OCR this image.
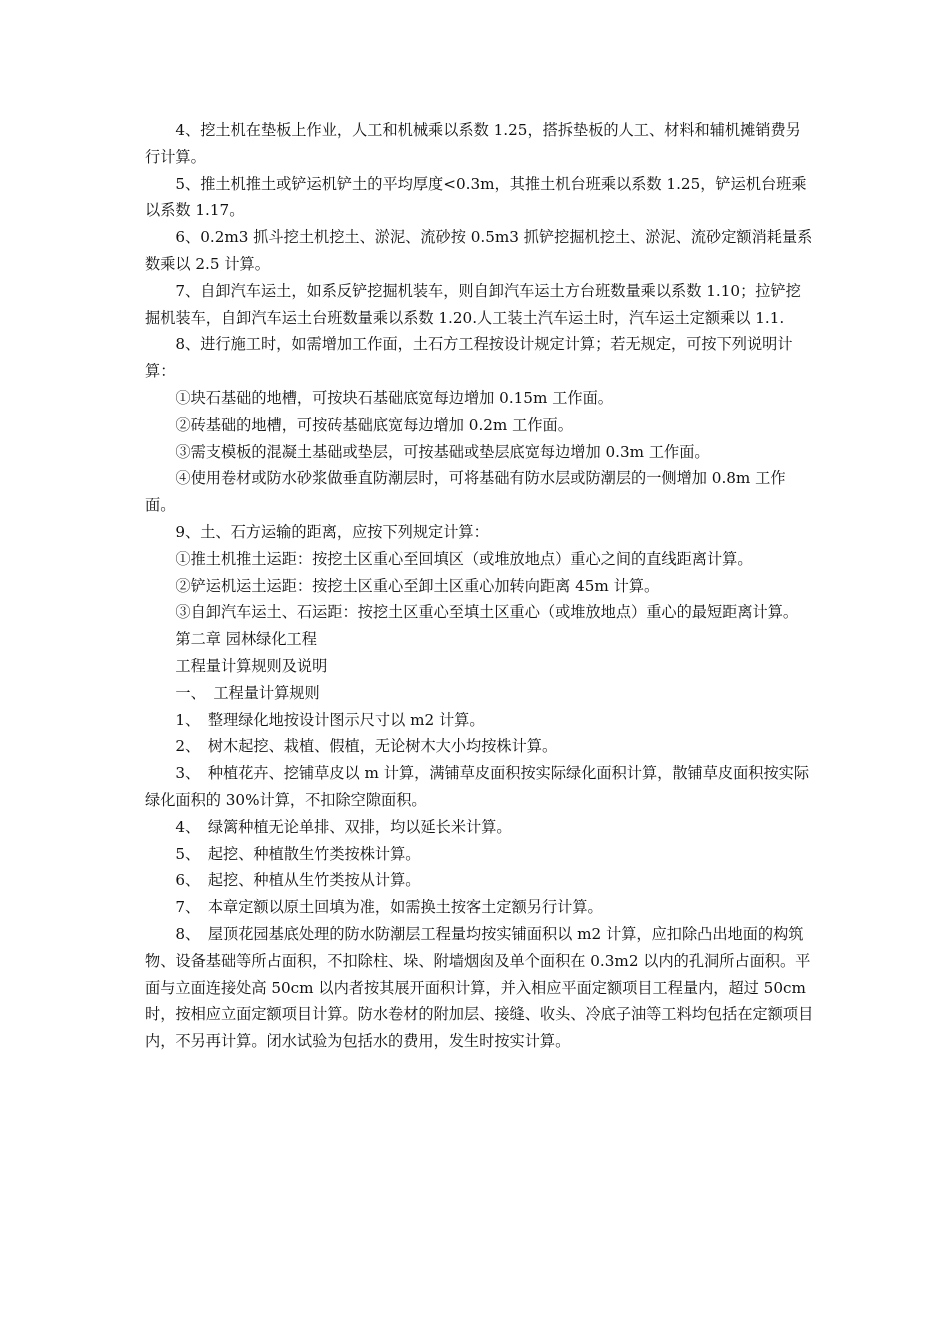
4、挖土机在垫板上作业，人工和机械乘以系数 1.25，搭拆垫板的人工、材料和辅机摊销费另行计算。

5、推土机推土或铲运机铲土的平均厚度<0.3m，其推土机台班乘以系数 1.25，铲运机台班乘以系数 1.17。

6、0.2m3 抓斗挖土机挖土、淤泥、流砂按 0.5m3 抓铲挖掘机挖土、淤泥、流砂定额消耗量系数乘以 2.5 计算。

7、自卸汽车运土，如系反铲挖掘机装车，则自卸汽车运土方台班数量乘以系数 1.10；拉铲挖掘机装车，自卸汽车运土台班数量乘以系数 1.20.人工装土汽车运土时，汽车运土定额乘以 1.1.

8、进行施工时，如需增加工作面，土石方工程按设计规定计算；若无规定，可按下列说明计算：

①块石基础的地槽，可按块石基础底宽每边增加 0.15m 工作面。

②砖基础的地槽，可按砖基础底宽每边增加 0.2m 工作面。

③需支模板的混凝土基础或垫层，可按基础或垫层底宽每边增加 0.3m 工作面。

④使用卷材或防水砂浆做垂直防潮层时，可将基础有防水层或防潮层的一侧增加 0.8m 工作面。

9、土、石方运输的距离，应按下列规定计算：

①推土机推土运距：按挖土区重心至回填区（或堆放地点）重心之间的直线距离计算。

②铲运机运土运距：按挖土区重心至卸土区重心加转向距离 45m 计算。

③自卸汽车运土、石运距：按挖土区重心至填土区重心（或堆放地点）重心的最短距离计算。

第二章 园林绿化工程

工程量计算规则及说明

一、　工程量计算规则

1、　整理绿化地按设计图示尺寸以 m2 计算。

2、　树木起挖、栽植、假植，无论树木大小均按株计算。

3、　种植花卉、挖铺草皮以 m 计算，满铺草皮面积按实际绿化面积计算，散铺草皮面积按实际绿化面积的 30%计算，不扣除空隙面积。

4、　绿篱种植无论单排、双排，均以延长米计算。

5、　起挖、种植散生竹类按株计算。

6、　起挖、种植从生竹类按从计算。

7、　本章定额以原土回填为准，如需换土按客土定额另行计算。

8、　屋顶花园基底处理的防水防潮层工程量均按实铺面积以 m2 计算，应扣除凸出地面的构筑物、设备基础等所占面积，不扣除柱、垛、附墙烟囱及单个面积在 0.3m2 以内的孔洞所占面积。平面与立面连接处高 50cm 以内者按其展开面积计算，并入相应平面定额项目工程量内，超过 50cm 时，按相应立面定额项目计算。防水卷材的附加层、接缝、收头、冷底子油等工料均包括在定额项目内，不另再计算。闭水试验为包括水的费用，发生时按实计算。
